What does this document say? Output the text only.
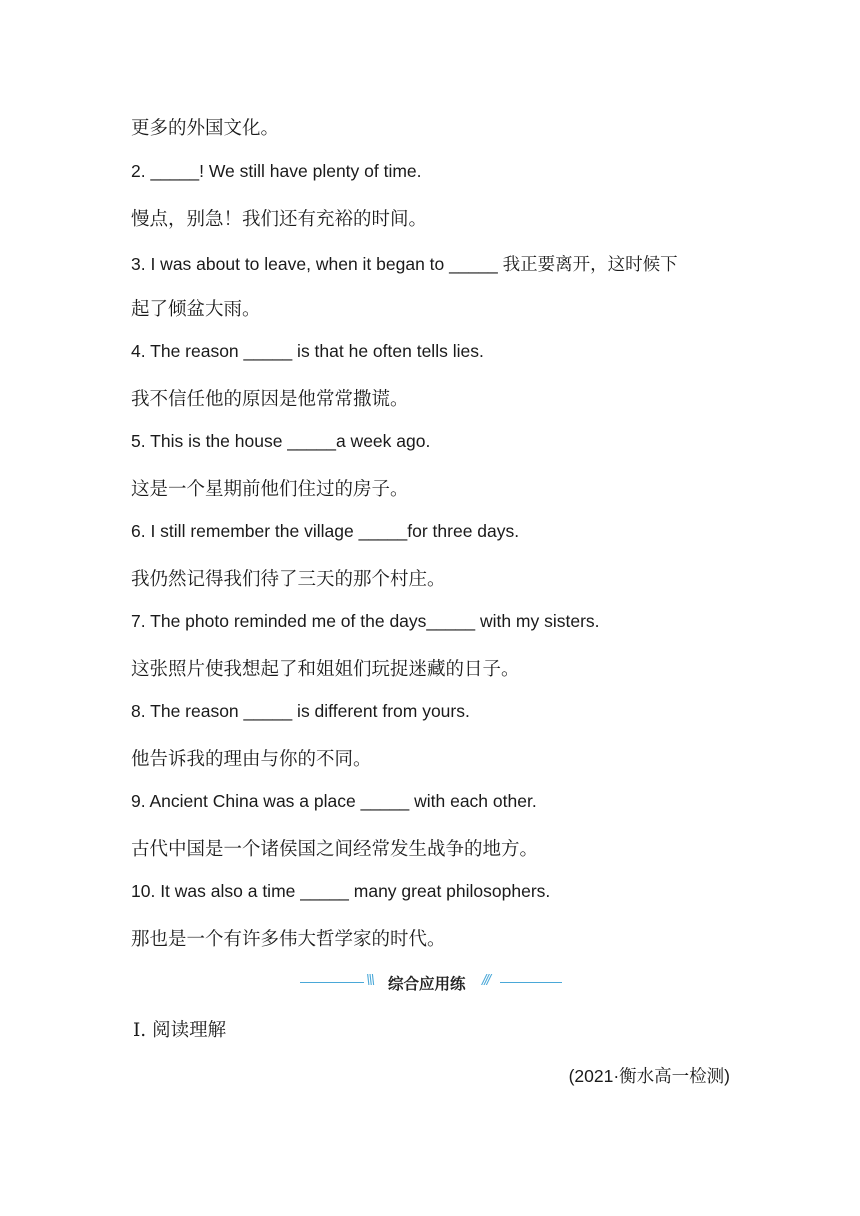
更多的外国文化。
2. _____! We still have plenty of time.
慢点，别急！我们还有充裕的时间。
3. I was about to leave, when it began to _____ 我正要离开，这时候下
起了倾盆大雨。
4. The reason _____ is that he often tells lies.
我不信任他的原因是他常常撒谎。
5. This is the house _____a week ago.
这是一个星期前他们住过的房子。
6. I still remember the village _____for three days.
我仍然记得我们待了三天的那个村庄。
7. The photo reminded me of the days_____ with my sisters.
这张照片使我想起了和姐姐们玩捉迷藏的日子。
8. The reason _____ is different from yours.
他告诉我的理由与你的不同。
9. Ancient China was a place _____ with each other.
古代中国是一个诸侯国之间经常发生战争的地方。
10. It was also a time _____ many great philosophers.
那也是一个有许多伟大哲学家的时代。
\\\ 综合应用练 ///
Ⅰ. 阅读理解
(2021·衡水高一检测)
